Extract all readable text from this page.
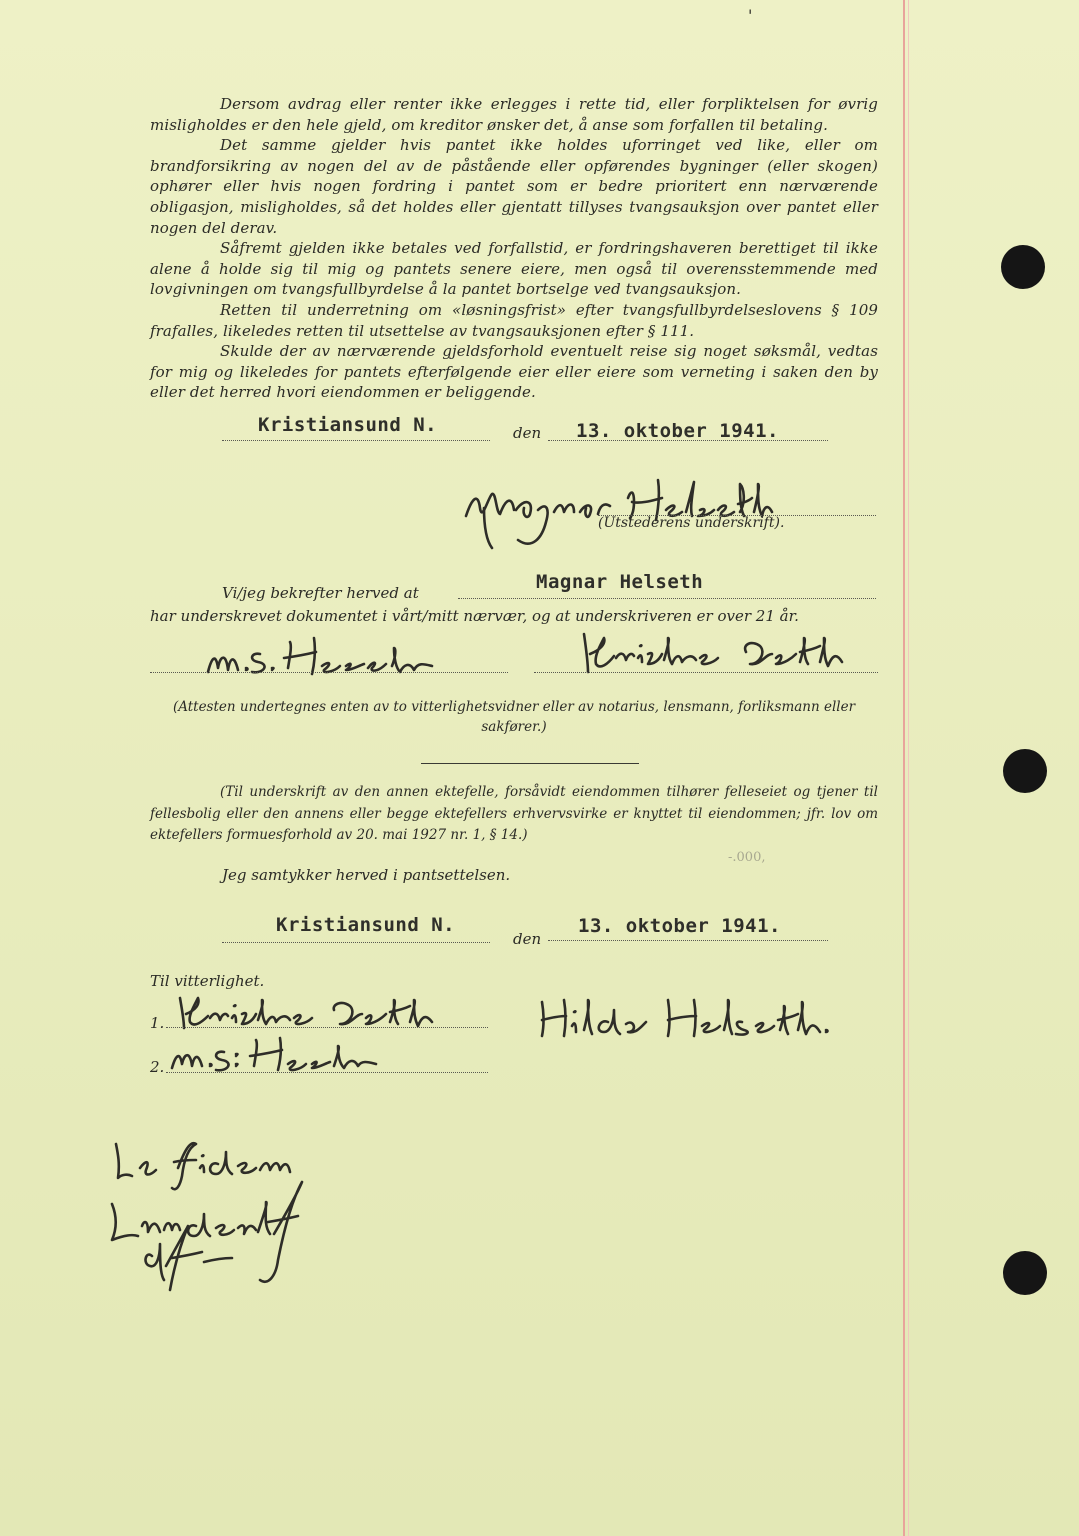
'

Dersom avdrag eller renter ikke erlegges i rette tid, eller forpliktelsen for øvrig misligholdes er den hele gjeld, om kreditor ønsker det, å anse som forfallen til betaling.

Det samme gjelder hvis pantet ikke holdes uforringet ved like, eller om brandforsikring av nogen del av de påstående eller opførendes bygninger (eller skogen) ophører eller hvis nogen fordring i pantet som er bedre prioritert enn nærværende obligasjon, misligholdes, så det holdes eller gjentatt tillyses tvangsauksjon over pantet eller nogen del derav.

Såfremt gjelden ikke betales ved forfallstid, er fordringshaveren berettiget til ikke alene å holde sig til mig og pantets senere eiere, men også til overensstemmende med lovgivningen om tvangsfullbyrdelse å la pantet bortselge ved tvangsauksjon.

Retten til underretning om «løsningsfrist» efter tvangsfullbyrdelseslovens § 109 frafalles, likeledes retten til utsettelse av tvangsauksjonen efter § 111.

Skulde der av nærværende gjeldsforhold eventuelt reise sig noget søksmål, vedtas for mig og likeledes for pantets efterfølgende eier eller eiere som verneting i saken den by eller det herred hvori eiendommen er beliggende.

Kristiansund N.	den 13. oktober 1941.
(Utstederens underskrift).
Vi/jeg bekrefter herved at	Magnar Helseth
har underskrevet dokumentet i vårt/mitt nærvær, og at underskriveren er over 21 år.
(Attesten undertegnes enten av to vitterlighetsvidner eller av notarius, lensmann, forliksmann eller sakfører.)
(Til underskrift av den annen ektefelle, forsåvidt eiendommen tilhører felleseiet og tjener til fellesbolig eller den annens eller begge ektefellers erhvervsvirke er knyttet til eiendommen; jfr. lov om ektefellers formuesforhold av 20. mai 1927 nr. 1, § 14.)
-.000,
Jeg samtykker herved i pantsettelsen.
Kristiansund N.
den
13. oktober 1941.
Til vitterlighet.
1.
2.
